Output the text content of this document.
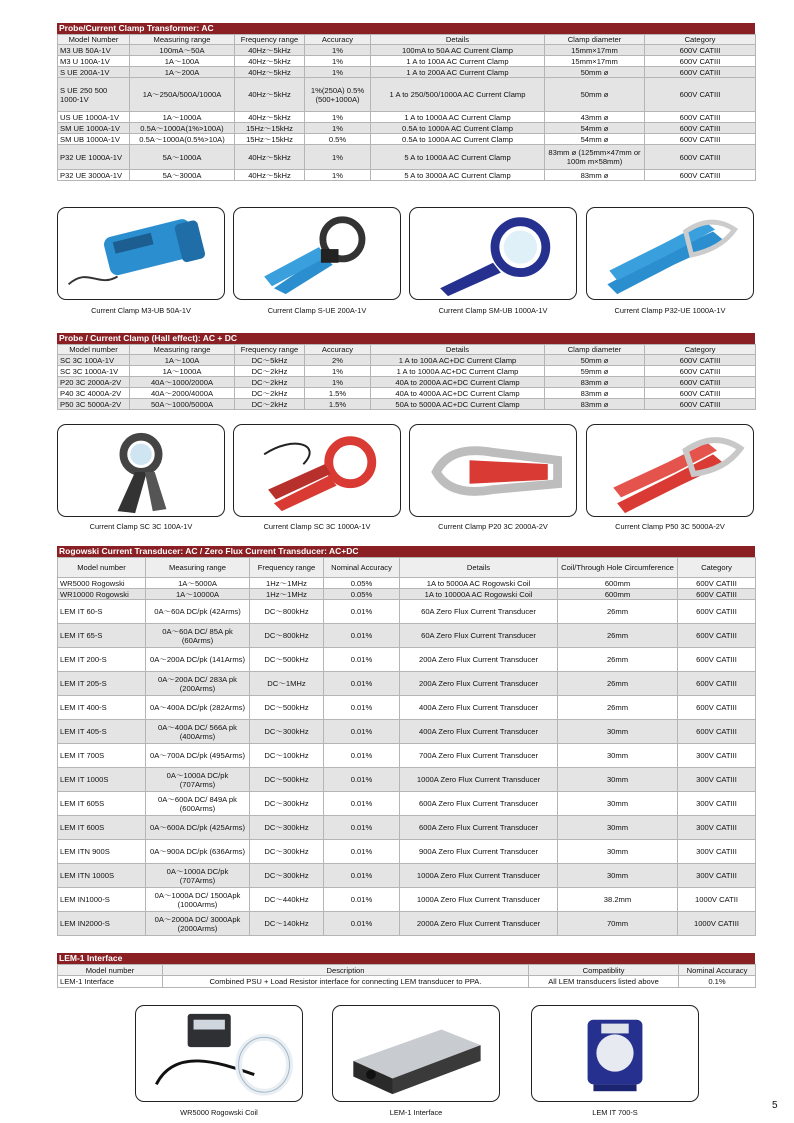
Probe/Current Clamp Transformer: AC
Model Number	Measuring range	Frequency range	Accuracy	Details	Clamp diameter	Category
M3 UB 50A-1V	100mA～50A	40Hz～5kHz	1%	100mA to 50A AC Current Clamp	15mm×17mm	600V CATIII
M3 U 100A-1V	1A～100A	40Hz～5kHz	1%	1 A to 100A AC Current Clamp	15mm×17mm	600V CATIII
S UE 200A-1V	1A～200A	40Hz～5kHz	1%	1 A to 200A AC Current Clamp	50mm ø	600V CATIII
S UE 250 500 1000-1V	1A～250A/500A/1000A	40Hz～5kHz	1%(250A) 0.5%(500+1000A)	1 A to 250/500/1000A AC Current Clamp	50mm ø	600V CATIII
US UE 1000A-1V	1A～1000A	40Hz～5kHz	1%	1 A to 1000A AC Current Clamp	43mm ø	600V CATIII
SM UE 1000A-1V	0.5A～1000A(1%>100A)	15Hz～15kHz	1%	0.5A to 1000A AC Current Clamp	54mm ø	600V CATIII
SM UB 1000A-1V	0.5A～1000A(0.5%>10A)	15Hz～15kHz	0.5%	0.5A to 1000A AC Current Clamp	54mm ø	600V CATIII
P32 UE 1000A-1V	5A～1000A	40Hz～5kHz	1%	5 A to 1000A AC Current Clamp	83mm ø (125mm×47mm or 100m m×58mm)	600V CATIII
P32 UE 3000A-1V	5A～3000A	40Hz～5kHz	1%	5 A to 3000A AC Current Clamp	83mm ø	600V CATIII
Current Clamp M3-UB 50A-1V	Current Clamp S-UE 200A-1V	Current Clamp SM-UB 1000A-1V	Current Clamp P32-UE 1000A-1V
Probe / Current Clamp (Hall effect): AC + DC
Model number	Measuring range	Frequency range	Accuracy	Details	Clamp diameter	Category
SC 3C 100A-1V	1A～100A	DC～5kHz	2%	1 A to 100A AC+DC Current Clamp	50mm ø	600V CATIII
SC 3C 1000A-1V	1A～1000A	DC～2kHz	1%	1 A to 1000A AC+DC Current Clamp	59mm ø	600V CATIII
P20 3C 2000A-2V	40A～1000/2000A	DC～2kHz	1%	40A to 2000A AC+DC Current Clamp	83mm ø	600V CATIII
P40 3C 4000A-2V	40A～2000/4000A	DC～2kHz	1.5%	40A to 4000A AC+DC Current Clamp	83mm ø	600V CATIII
P50 3C 5000A-2V	50A～1000/5000A	DC～2kHz	1.5%	50A to 5000A AC+DC Current Clamp	83mm ø	600V CATIII
Current Clamp SC 3C 100A-1V	Current Clamp SC 3C 1000A-1V	Current Clamp P20 3C 2000A-2V	Current Clamp P50 3C 5000A-2V
Rogowski Current Transducer: AC / Zero Flux Current Transducer: AC+DC
Model number	Measuring range	Frequency range	Nominal Accuracy	Details	Coil/Through Hole Circumference	Category
WR5000 Rogowski	1A～5000A	1Hz～1MHz	0.05%	1A to 5000A AC Rogowski Coil	600mm	600V CATIII
WR10000 Rogowski	1A～10000A	1Hz～1MHz	0.05%	1A to 10000A AC Rogowski Coil	600mm	600V CATIII
LEM IT 60-S	0A～60A DC/pk (42Arms)	DC～800kHz	0.01%	60A Zero Flux Current Transducer	26mm	600V CATIII
LEM IT 65-S	0A～60A DC/ 85A pk (60Arms)	DC～800kHz	0.01%	60A Zero Flux Current Transducer	26mm	600V CATIII
LEM IT 200-S	0A～200A DC/pk (141Arms)	DC～500kHz	0.01%	200A Zero Flux Current Transducer	26mm	600V CATIII
LEM IT 205-S	0A～200A DC/ 283A pk (200Arms)	DC～1MHz	0.01%	200A Zero Flux Current Transducer	26mm	600V CATIII
LEM IT 400-S	0A～400A DC/pk (282Arms)	DC～500kHz	0.01%	400A Zero Flux Current Transducer	26mm	600V CATIII
LEM IT 405-S	0A～400A DC/ 566A pk (400Arms)	DC～300kHz	0.01%	400A Zero Flux Current Transducer	30mm	600V CATIII
LEM IT 700S	0A～700A DC/pk (495Arms)	DC～100kHz	0.01%	700A Zero Flux Current Transducer	30mm	300V CATIII
LEM IT 1000S	0A～1000A DC/pk (707Arms)	DC～500kHz	0.01%	1000A Zero Flux Current Transducer	30mm	300V CATIII
LEM IT 605S	0A～600A DC/ 849A pk (600Arms)	DC～300kHz	0.01%	600A Zero Flux Current Transducer	30mm	300V CATIII
LEM IT 600S	0A～600A DC/pk (425Arms)	DC～300kHz	0.01%	600A Zero Flux Current Transducer	30mm	300V CATIII
LEM ITN 900S	0A～900A DC/pk (636Arms)	DC～300kHz	0.01%	900A Zero Flux Current Transducer	30mm	300V CATIII
LEM ITN 1000S	0A～1000A DC/pk (707Arms)	DC～300kHz	0.01%	1000A Zero Flux Current Transducer	30mm	300V CATIII
LEM IN1000-S	0A～1000A DC/ 1500Apk (1000Arms)	DC～440kHz	0.01%	1000A Zero Flux Current Transducer	38.2mm	1000V CATII
LEM IN2000-S	0A～2000A DC/ 3000Apk (2000Arms)	DC～140kHz	0.01%	2000A Zero Flux Current Transducer	70mm	1000V CATIII
LEM-1 Interface
Model number	Description	Compatiblity	Nominal Accuracy
LEM-1 Interface	Combined PSU + Load Resistor interface for connecting LEM transducer to PPA.	All LEM transducers listed above	0.1%
WR5000 Rogowski Coil	LEM-1 Interface	LEM IT 700-S
5
